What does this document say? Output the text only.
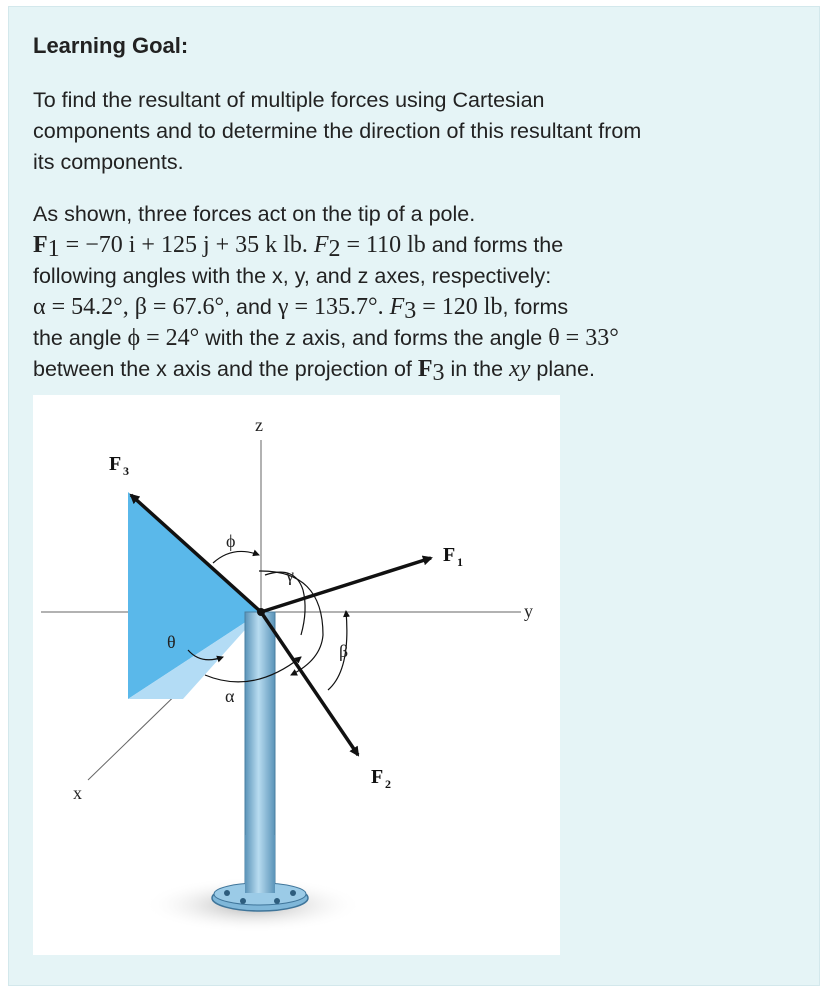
Learning Goal:
To find the resultant of multiple forces using Cartesian
components and to determine the direction of this resultant from
its components.
As shown, three forces act on the tip of a pole.
$F_1 = -70$ i + 125 j + 35 k lb. $F_2 = 110$ lb and forms the
following angles with the x, y, and z axes, respectively:
α = 54.2°, β = 67.6°, and γ = 135.7°. $F_3 = 120$ lb, forms
the angle ϕ = 24° with the z axis, and forms the angle θ = 33°
between the x axis and the projection of $F_3$ in the xy plane.
z
y
x
F 3
F 1
F 2
ϕ
γ
θ	β
α
